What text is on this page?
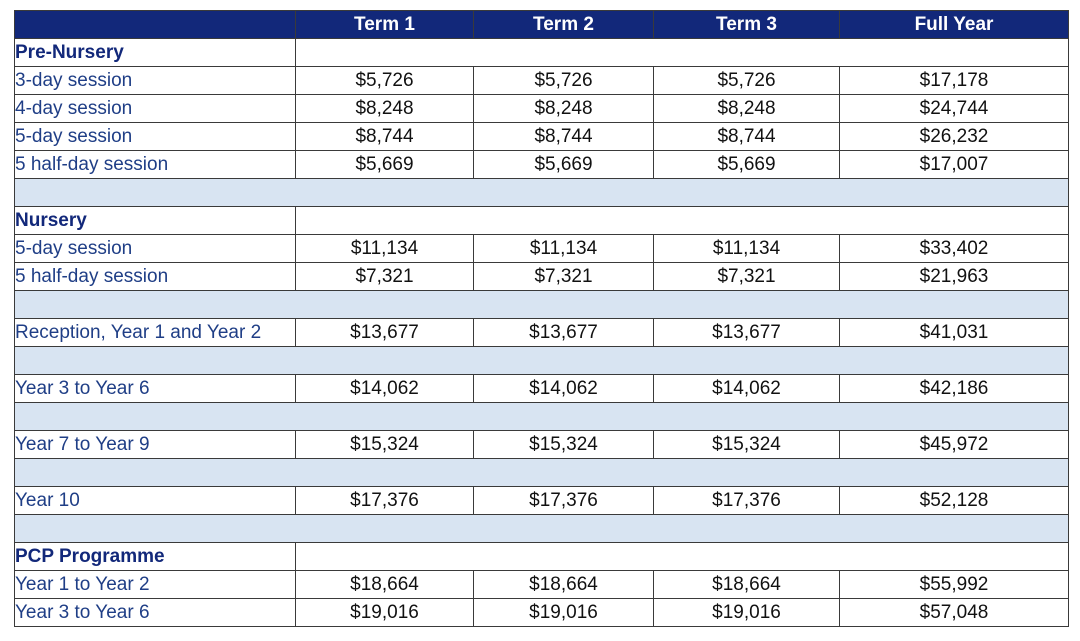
	Term 1	Term 2	Term 3	Full Year
Pre-Nursery				
3-day session	$5,726	$5,726	$5,726	$17,178
4-day session	$8,248	$8,248	$8,248	$24,744
5-day session	$8,744	$8,744	$8,744	$26,232
5 half-day session	$5,669	$5,669	$5,669	$17,007

Nursery				
5-day session	$11,134	$11,134	$11,134	$33,402
5 half-day session	$7,321	$7,321	$7,321	$21,963

Reception, Year 1 and Year 2	$13,677	$13,677	$13,677	$41,031

Year 3 to Year 6	$14,062	$14,062	$14,062	$42,186

Year 7 to Year 9	$15,324	$15,324	$15,324	$45,972

Year 10	$17,376	$17,376	$17,376	$52,128

PCP Programme				
Year 1 to Year 2	$18,664	$18,664	$18,664	$55,992
Year 3 to Year 6	$19,016	$19,016	$19,016	$57,048
